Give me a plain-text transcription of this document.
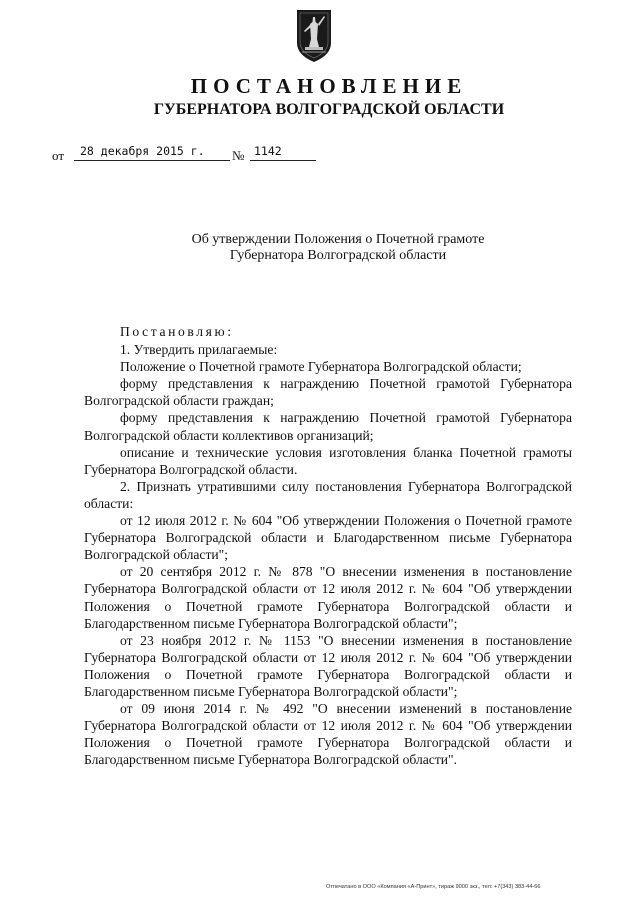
ПОСТАНОВЛЕНИЕ
ГУБЕРНАТОРА ВОЛГОГРАДСКОЙ ОБЛАСТИ
от	28 декабря 2015 г.	№ 1142
Об утверждении Положения о Почетной грамоте
Губернатора Волгоградской области

Постановляю:

1. Утвердить прилагаемые:

Положение о Почетной грамоте Губернатора Волгоградской области;

форму представления к награждению Почетной грамотой Губернатора Волгоградской области граждан;

форму представления к награждению Почетной грамотой Губернатора Волгоградской области коллективов организаций;

описание и технические условия изготовления бланка Почетной грамоты Губернатора Волгоградской области.

2. Признать утратившими силу постановления Губернатора Волгоградской области:

от 12 июля 2012 г. № 604 "Об утверждении Положения о Почетной грамоте Губернатора Волгоградской области и Благодарственном письме Губернатора Волгоградской области";

от 20 сентября 2012 г. № 878 "О внесении изменения в постановление Губернатора Волгоградской области от 12 июля 2012 г. № 604 "Об утверждении Положения о Почетной грамоте Губернатора Волгоградской области и Благодарственном письме Губернатора Волгоградской области";

от 23 ноября 2012 г. № 1153 "О внесении изменения в постановление Губернатора Волгоградской области от 12 июля 2012 г. № 604 "Об утверждении Положения о Почетной грамоте Губернатора Волгоградской области и Благодарственном письме Губернатора Волгоградской области";

от 09 июня 2014 г. № 492 "О внесении изменений в постановление Губернатора Волгоградской области от 12 июля 2012 г. № 604 "Об утверждении Положения о Почетной грамоте Губернатора Волгоградской области и Благодарственном письме Губернатора Волгоградской области".

Отпечатано в ООО «Компания «А-Принт», тираж 9000 экз., тел: +7(343) 383-44-66
